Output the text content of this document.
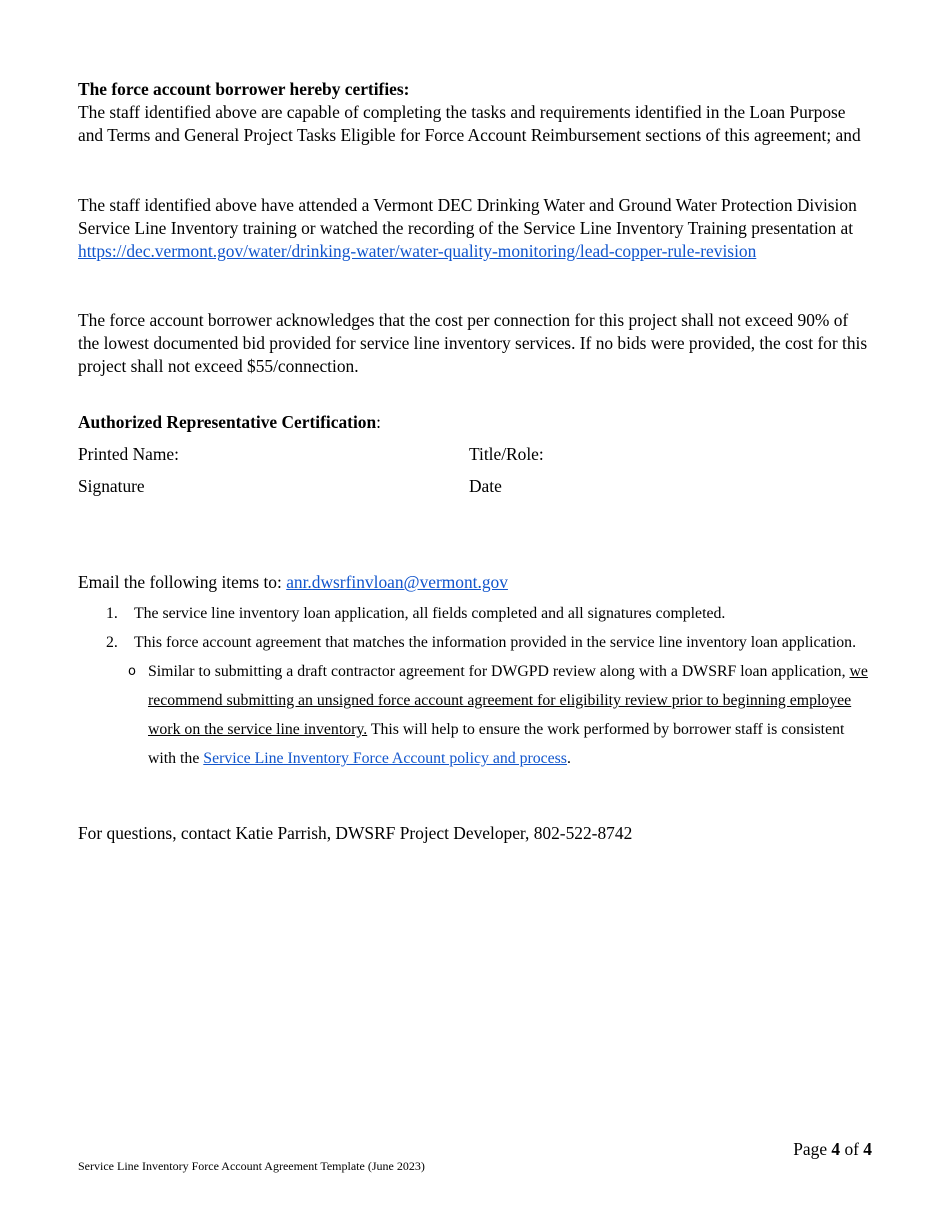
The force account borrower hereby certifies:

The staff identified above are capable of completing the tasks and requirements identified in the Loan Purpose and Terms and General Project Tasks Eligible for Force Account Reimbursement sections of this agreement; and

The staff identified above have attended a Vermont DEC Drinking Water and Ground Water Protection Division Service Line Inventory training or watched the recording of the Service Line Inventory Training presentation at https://dec.vermont.gov/water/drinking-water/water-quality-monitoring/lead-copper-rule-revision

The force account borrower acknowledges that the cost per connection for this project shall not exceed 90% of the lowest documented bid provided for service line inventory services. If no bids were provided, the cost for this project shall not exceed $55/connection.

Authorized Representative Certification:

Printed Name:	Title/Role:
Signature	Date

Email the following items to: anr.dwsrfinvloan@vermont.gov

1. The service line inventory loan application, all fields completed and all signatures completed.
2. This force account agreement that matches the information provided in the service line inventory loan application.
o Similar to submitting a draft contractor agreement for DWGPD review along with a DWSRF loan application, we recommend submitting an unsigned force account agreement for eligibility review prior to beginning employee work on the service line inventory. This will help to ensure the work performed by borrower staff is consistent with the Service Line Inventory Force Account policy and process.

For questions, contact Katie Parrish, DWSRF Project Developer, 802-522-8742

Page 4 of 4
Service Line Inventory Force Account Agreement Template (June 2023)
